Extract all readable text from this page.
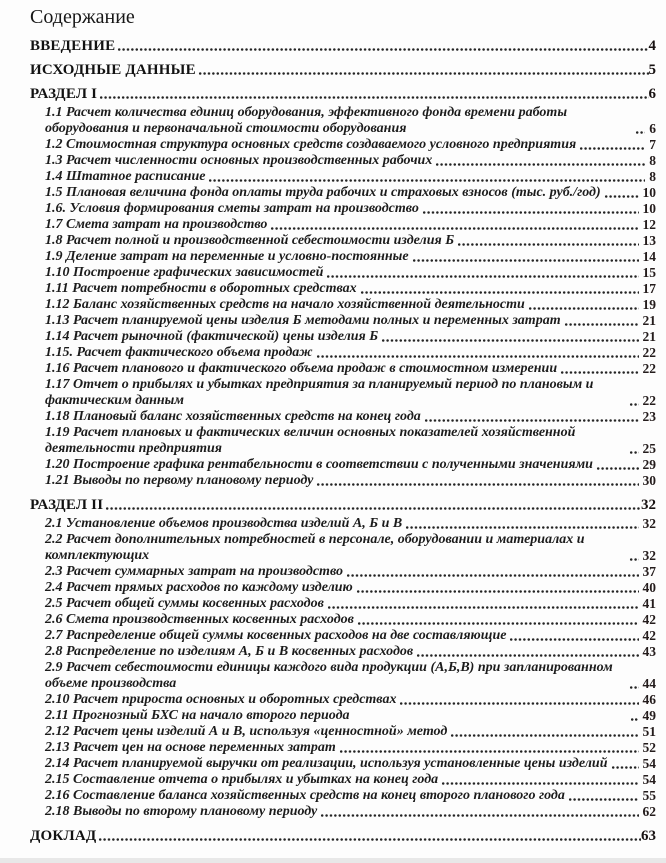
Содержание
ВВЕДЕНИЕ	4
ИСХОДНЫЕ ДАННЫЕ	5
РАЗДЕЛ I	6
1.1 Расчет количества единиц оборудования, эффективного фонда времени работы оборудования и первоначальной стоимости оборудования	6
1.2 Стоимостная структура основных средств создаваемого условного предприятия	7
1.3 Расчет численности основных производственных рабочих	8
1.4 Штатное расписание	8
1.5 Плановая величина фонда оплаты труда рабочих и страховых взносов (тыс. руб./год)	10
1.6. Условия формирования сметы затрат на производство	10
1.7 Смета затрат на производство	12
1.8 Расчет полной и производственной себестоимости изделия Б	13
1.9 Деление затрат на переменные и условно-постоянные	14
1.10 Построение графических зависимостей	15
1.11 Расчет потребности в оборотных средствах	17
1.12 Баланс хозяйственных средств на начало хозяйственной деятельности	19
1.13 Расчет планируемой цены изделия Б методами полных и переменных затрат	21
1.14 Расчет рыночной (фактической) цены изделия Б	21
1.15. Расчет фактического объема продаж	22
1.16 Расчет планового и фактического объема продаж в стоимостном измерении	22
1.17 Отчет о прибылях и убытках предприятия за планируемый период по плановым и фактическим данным	22
1.18 Плановый баланс хозяйственных средств на конец года	23
1.19 Расчет плановых и фактических величин основных показателей хозяйственной деятельности предприятия	25
1.20 Построение графика рентабельности в соответствии с полученными значениями	29
1.21 Выводы по первому плановому периоду	30
РАЗДЕЛ II	32
2.1 Установление объемов производства изделий А, Б и В	32
2.2 Расчет дополнительных потребностей в персонале, оборудовании и материалах и комплектующих	32
2.3 Расчет суммарных затрат на производство	37
2.4 Расчет прямых расходов по каждому изделию	40
2.5 Расчет общей суммы косвенных расходов	41
2.6 Смета производственных косвенных расходов	42
2.7 Распределение общей суммы косвенных расходов на две составляющие	42
2.8 Распределение по изделиям А, Б и В косвенных расходов	43
2.9 Расчет себестоимости единицы каждого вида продукции (А,Б,В) при запланированном объеме производства	44
2.10 Расчет прироста основных и оборотных средствах	46
2.11 Прогнозный БХС на начало второго периода	49
2.12 Расчет цены изделий А и В, используя «ценностной» метод	51
2.13 Расчет цен на основе переменных затрат	52
2.14 Расчет планируемой выручки от реализации, используя установленные цены изделий	54
2.15 Составление отчета о прибылях и убытках на конец года	54
2.16 Составление баланса хозяйственных средств на конец второго планового года	55
2.18 Выводы по второму плановому периоду	62
ДОКЛАД	63
